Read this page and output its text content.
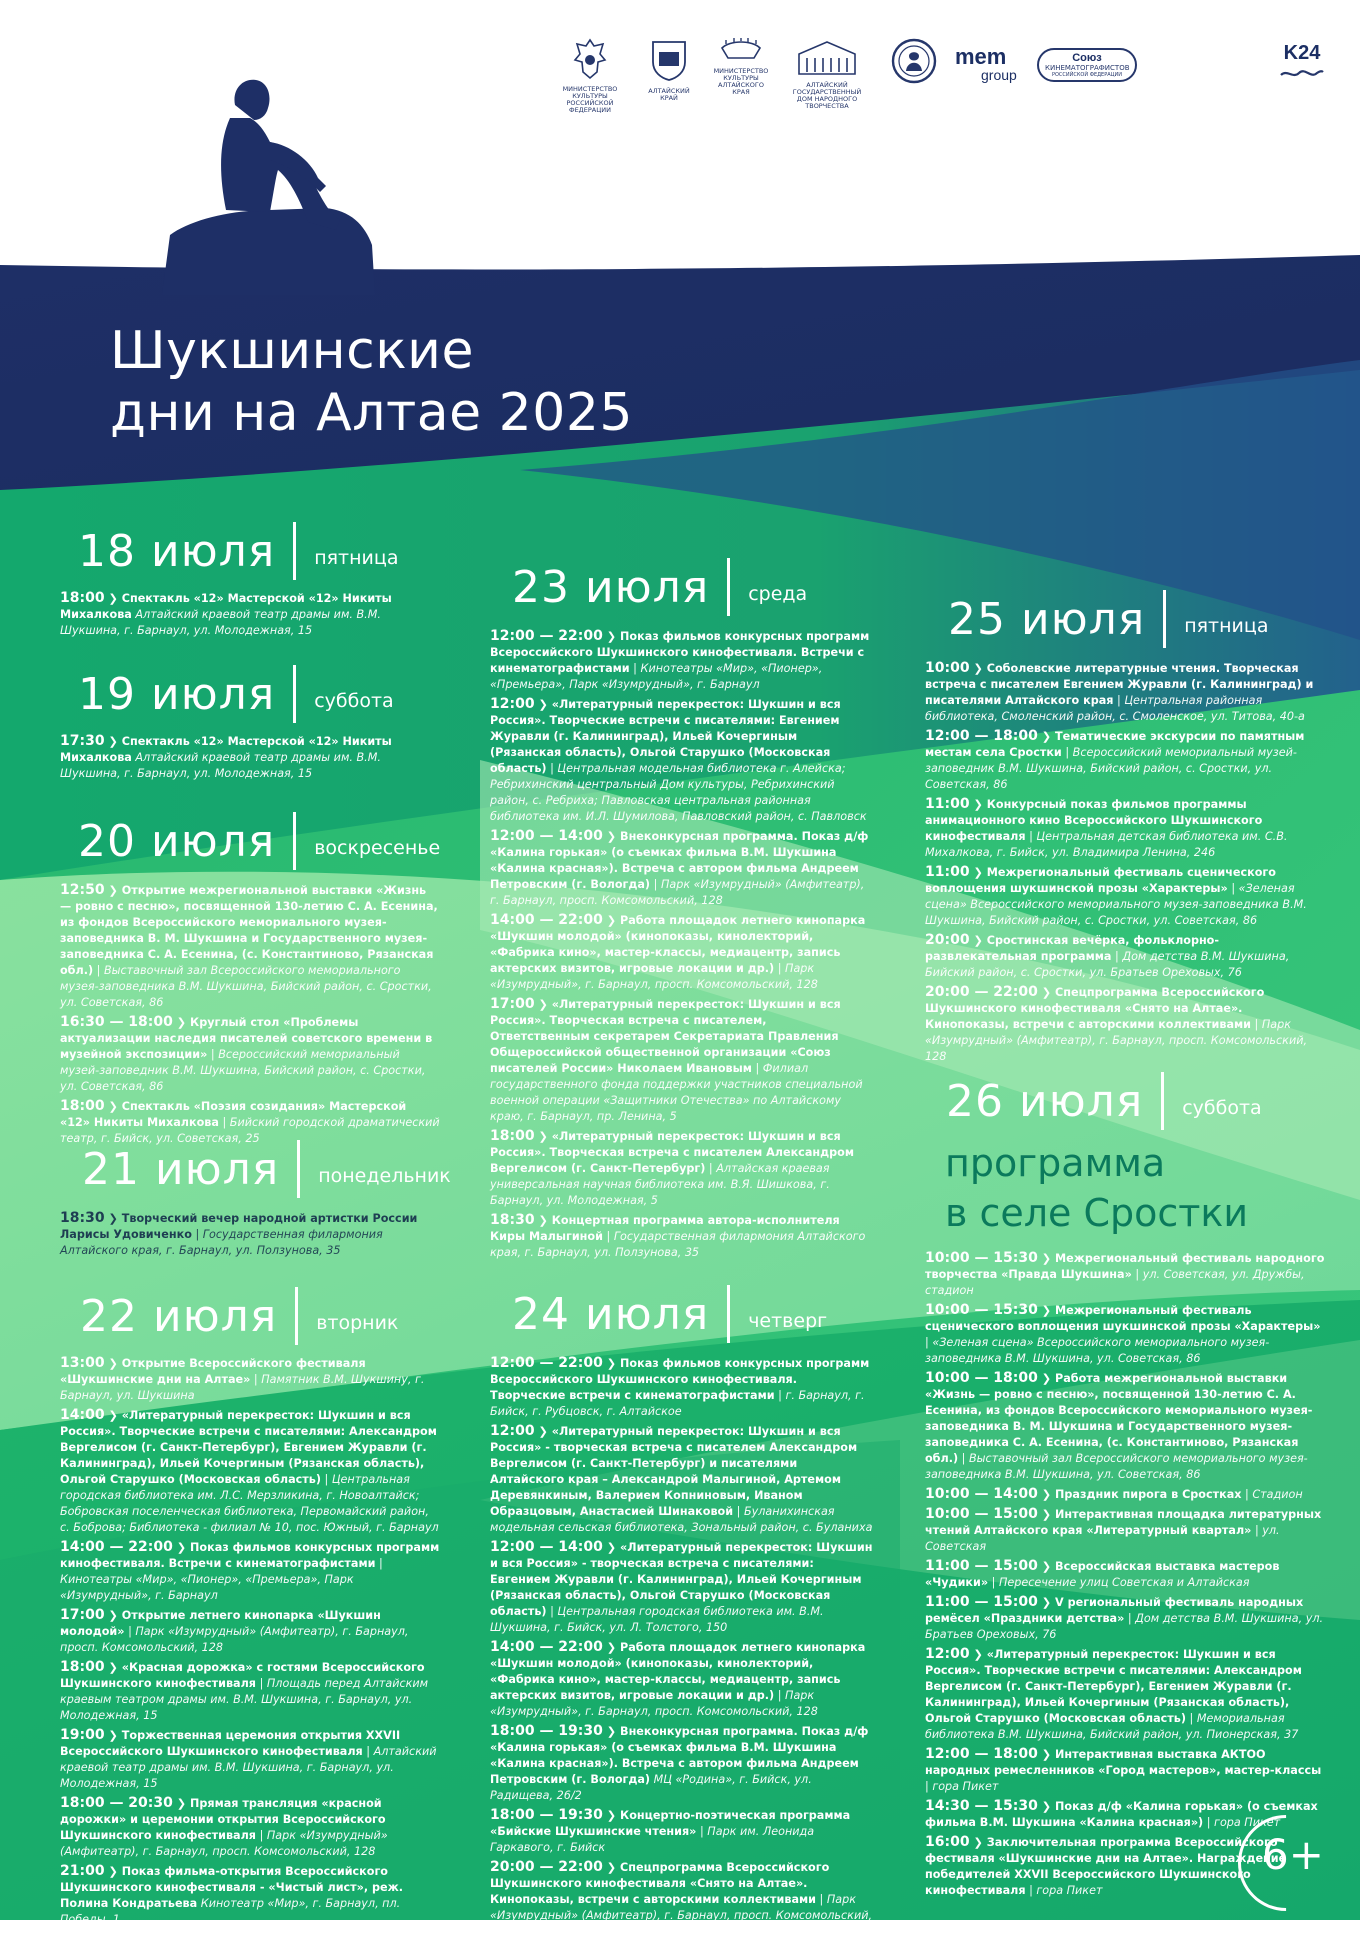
МИНИСТЕРСТВО КУЛЬТУРЫ РОССИЙСКОЙ ФЕДЕРАЦИИ
АЛТАЙСКИЙ КРАЙ
МИНИСТЕРСТВО КУЛЬТУРЫ АЛТАЙСКОГО КРАЯ
АЛТАЙСКИЙ ГОСУДАРСТВЕННЫЙ ДОМ НАРОДНОГО ТВОРЧЕСТВА
mem
group
Союз
КИНЕМАТОГРАФИСТОВ
РОССИЙСКОЙ ФЕДЕРАЦИИ
K24
Шукшинские
дни на Алтае 2025
18 июля пятница
18:00 ❯ Спектакль «12» Мастерской «12» Никиты Михалкова Алтайский краевой театр драмы им. В.М. Шукшина, г. Барнаул, ул. Молодежная, 15
19 июля суббота
17:30 ❯ Спектакль «12» Мастерской «12» Никиты Михалкова Алтайский краевой театр драмы им. В.М. Шукшина, г. Барнаул, ул. Молодежная, 15
20 июля воскресенье
12:50 ❯ Открытие межрегиональной выставки «Жизнь — ровно с песню», посвященной 130-летию С. А. Есенина, из фондов Всероссийского мемориального музея-заповедника В. М. Шукшина и Государственного музея-заповедника С. А. Есенина, (с. Константиново, Рязанская обл.) | Выставочный зал Всероссийского мемориального музея-заповедника В.М. Шукшина, Бийский район, с. Сростки, ул. Советская, 86
16:30 — 18:00 ❯ Круглый стол «Проблемы актуализации наследия писателей советского времени в музейной экспозиции» | Всероссийский мемориальный музей-заповедник В.М. Шукшина, Бийский район, с. Сростки, ул. Советская, 86
18:00 ❯ Спектакль «Поэзия созидания» Мастерской «12» Никиты Михалкова | Бийский городской драматический театр, г. Бийск, ул. Советская, 25
21 июля понедельник
18:30 ❯ Творческий вечер народной артистки России Ларисы Удовиченко | Государственная филармония Алтайского края, г. Барнаул, ул. Ползунова, 35
22 июля вторник
13:00 ❯ Открытие Всероссийского фестиваля «Шукшинские дни на Алтае» | Памятник В.М. Шукшину, г. Барнаул, ул. Шукшина
14:00 ❯ «Литературный перекресток: Шукшин и вся Россия». Творческие встречи с писателями: Александром Вергелисом (г. Санкт-Петербург), Евгением Журавли (г. Калининград), Ильей Кочергиным (Рязанская область), Ольгой Старушко (Московская область) | Центральная городская библиотека им. Л.С. Мерзликина, г. Новоалтайск; Бобровская поселенческая библиотека, Первомайский район, с. Боброва; Библиотека - филиал № 10, пос. Южный, г. Барнаул
14:00 — 22:00 ❯ Показ фильмов конкурсных программ кинофестиваля. Встречи с кинематографистами | Кинотеатры «Мир», «Пионер», «Премьера», Парк «Изумрудный», г. Барнаул
17:00 ❯ Открытие летнего кинопарка «Шукшин молодой» | Парк «Изумрудный» (Амфитеатр), г. Барнаул, просп. Комсомольский, 128
18:00 ❯ «Красная дорожка» с гостями Всероссийского Шукшинского кинофестиваля | Площадь перед Алтайским краевым театром драмы им. В.М. Шукшина, г. Барнаул, ул. Молодежная, 15
19:00 ❯ Торжественная церемония открытия XXVII Всероссийского Шукшинского кинофестиваля | Алтайский краевой театр драмы им. В.М. Шукшина, г. Барнаул, ул. Молодежная, 15
18:00 — 20:30 ❯ Прямая трансляция «красной дорожки» и церемонии открытия Всероссийского Шукшинского кинофестиваля | Парк «Изумрудный» (Амфитеатр), г. Барнаул, просп. Комсомольский, 128
21:00 ❯ Показ фильма-открытия Всероссийского Шукшинского кинофестиваля - «Чистый лист», реж. Полина Кондратьева Кинотеатр «Мир», г. Барнаул, пл. Победы, 1
23 июля среда
12:00 — 22:00 ❯ Показ фильмов конкурсных программ Всероссийского Шукшинского кинофестиваля. Встречи с кинематографистами | Кинотеатры «Мир», «Пионер», «Премьера», Парк «Изумрудный», г. Барнаул
12:00 ❯ «Литературный перекресток: Шукшин и вся Россия». Творческие встречи с писателями: Евгением Журавли (г. Калининград), Ильей Кочергиным (Рязанская область), Ольгой Старушко (Московская область) | Центральная модельная библиотека г. Алейска; Ребрихинский центральный Дом культуры, Ребрихинский район, с. Ребриха; Павловская центральная районная библиотека им. И.Л. Шумилова, Павловский район, с. Павловск
12:00 — 14:00 ❯ Внеконкурсная программа. Показ д/ф «Калина горькая» (о съемках фильма В.М. Шукшина «Калина красная»). Встреча с автором фильма Андреем Петровским (г. Вологда) | Парк «Изумрудный» (Амфитеатр), г. Барнаул, просп. Комсомольский, 128
14:00 — 22:00 ❯ Работа площадок летнего кинопарка «Шукшин молодой» (кинопоказы, кинолекторий, «Фабрика кино», мастер-классы, медиацентр, запись актерских визитов, игровые локации и др.) | Парк «Изумрудный», г. Барнаул, просп. Комсомольский, 128
17:00 ❯ «Литературный перекресток: Шукшин и вся Россия». Творческая встреча с писателем, Ответственным секретарем Секретариата Правления Общероссийской общественной организации «Союз писателей России» Николаем Ивановым | Филиал государственного фонда поддержки участников специальной военной операции «Защитники Отечества» по Алтайскому краю, г. Барнаул, пр. Ленина, 5
18:00 ❯ «Литературный перекресток: Шукшин и вся Россия». Творческая встреча с писателем Александром Вергелисом (г. Санкт-Петербург) | Алтайская краевая универсальная научная библиотека им. В.Я. Шишкова, г. Барнаул, ул. Молодежная, 5
18:30 ❯ Концертная программа автора-исполнителя Киры Малыгиной | Государственная филармония Алтайского края, г. Барнаул, ул. Ползунова, 35
24 июля четверг
12:00 — 22:00 ❯ Показ фильмов конкурсных программ Всероссийского Шукшинского кинофестиваля. Творческие встречи с кинематографистами | г. Барнаул, г. Бийск, г. Рубцовск, г. Алтайское
12:00 ❯ «Литературный перекресток: Шукшин и вся Россия» - творческая встреча с писателем Александром Вергелисом (г. Санкт-Петербург) и писателями Алтайского края – Александрой Малыгиной, Артемом Деревянкиным, Валерием Копниновым, Иваном Образцовым, Анастасией Шинаковой | Буланихинская модельная сельская библиотека, Зональный район, с. Буланиха
12:00 — 14:00 ❯ «Литературный перекресток: Шукшин и вся Россия» - творческая встреча с писателями: Евгением Журавли (г. Калининград), Ильей Кочергиным (Рязанская область), Ольгой Старушко (Московская область) | Центральная городская библиотека им. В.М. Шукшина, г. Бийск, ул. Л. Толстого, 150
14:00 — 22:00 ❯ Работа площадок летнего кинопарка «Шукшин молодой» (кинопоказы, кинолекторий, «Фабрика кино», мастер-классы, медиацентр, запись актерских визитов, игровые локации и др.) | Парк «Изумрудный», г. Барнаул, просп. Комсомольский, 128
18:00 — 19:30 ❯ Внеконкурсная программа. Показ д/ф «Калина горькая» (о съемках фильма В.М. Шукшина «Калина красная»). Встреча с автором фильма Андреем Петровским (г. Вологда) МЦ «Родина», г. Бийск, ул. Радищева, 26/2
18:00 — 19:30 ❯ Концертно-поэтическая программа «Бийские Шукшинские чтения» | Парк им. Леонида Гаркавого, г. Бийск
20:00 — 22:00 ❯ Спецпрограмма Всероссийского Шукшинского кинофестиваля «Снято на Алтае». Кинопоказы, встречи с авторскими коллективами | Парк «Изумрудный» (Амфитеатр), г. Барнаул, просп. Комсомольский, 128
25 июля пятница
10:00 ❯ Соболевские литературные чтения. Творческая встреча с писателем Евгением Журавли (г. Калининград) и писателями Алтайского края | Центральная районная библиотека, Смоленский район, с. Смоленское, ул. Титова, 40-а
12:00 — 18:00 ❯ Тематические экскурсии по памятным местам села Сростки | Всероссийский мемориальный музей-заповедник В.М. Шукшина, Бийский район, с. Сростки, ул. Советская, 86
11:00 ❯ Конкурсный показ фильмов программы анимационного кино Всероссийского Шукшинского кинофестиваля | Центральная детская библиотека им. С.В. Михалкова, г. Бийск, ул. Владимира Ленина, 246
11:00 ❯ Межрегиональный фестиваль сценического воплощения шукшинской прозы «Характеры» | «Зеленая сцена» Всероссийского мемориального музея-заповедника В.М. Шукшина, Бийский район, с. Сростки, ул. Советская, 86
20:00 ❯ Сростинская вечёрка, фольклорно-развлекательная программа | Дом детства В.М. Шукшина, Бийский район, с. Сростки, ул. Братьев Ореховых, 76
20:00 — 22:00 ❯ Спецпрограмма Всероссийского Шукшинского кинофестиваля «Снято на Алтае». Кинопоказы, встречи с авторскими коллективами | Парк «Изумрудный» (Амфитеатр), г. Барнаул, просп. Комсомольский, 128
26 июля суббота
программа
в селе Сростки
10:00 — 15:30 ❯ Межрегиональный фестиваль народного творчества «Правда Шукшина» | ул. Советская, ул. Дружбы, стадион
10:00 — 15:30 ❯ Межрегиональный фестиваль сценического воплощения шукшинской прозы «Характеры» | «Зеленая сцена» Всероссийского мемориального музея-заповедника В.М. Шукшина, ул. Советская, 86
10:00 — 18:00 ❯ Работа межрегиональной выставки «Жизнь — ровно с песню», посвященной 130-летию С. А. Есенина, из фондов Всероссийского мемориального музея-заповедника В. М. Шукшина и Государственного музея-заповедника С. А. Есенина, (с. Константиново, Рязанская обл.) | Выставочный зал Всероссийского мемориального музея-заповедника В.М. Шукшина, ул. Советская, 86
10:00 — 14:00 ❯ Праздник пирога в Сростках | Стадион
10:00 — 15:00 ❯ Интерактивная площадка литературных чтений Алтайского края «Литературный квартал» | ул. Советская
11:00 — 15:00 ❯ Всероссийская выставка мастеров «Чудики» | Пересечение улиц Советская и Алтайская
11:00 — 15:00 ❯ V региональный фестиваль народных ремёсел «Праздники детства» | Дом детства В.М. Шукшина, ул. Братьев Ореховых, 76
12:00 ❯ «Литературный перекресток: Шукшин и вся Россия». Творческие встречи с писателями: Александром Вергелисом (г. Санкт-Петербург), Евгением Журавли (г. Калининград), Ильей Кочергиным (Рязанская область), Ольгой Старушко (Московская область) | Мемориальная библиотека В.М. Шукшина, Бийский район, ул. Пионерская, 37
12:00 — 18:00 ❯ Интерактивная выставка АКТОО народных ремесленников «Город мастеров», мастер-классы | гора Пикет
14:30 — 15:30 ❯ Показ д/ф «Калина горькая» (о съемках фильма В.М. Шукшина «Калина красная») | гора Пикет
16:00 ❯ Заключительная программа Всероссийского фестиваля «Шукшинские дни на Алтае». Награждение победителей XXVII Всероссийского Шукшинского кинофестиваля | гора Пикет
6+
